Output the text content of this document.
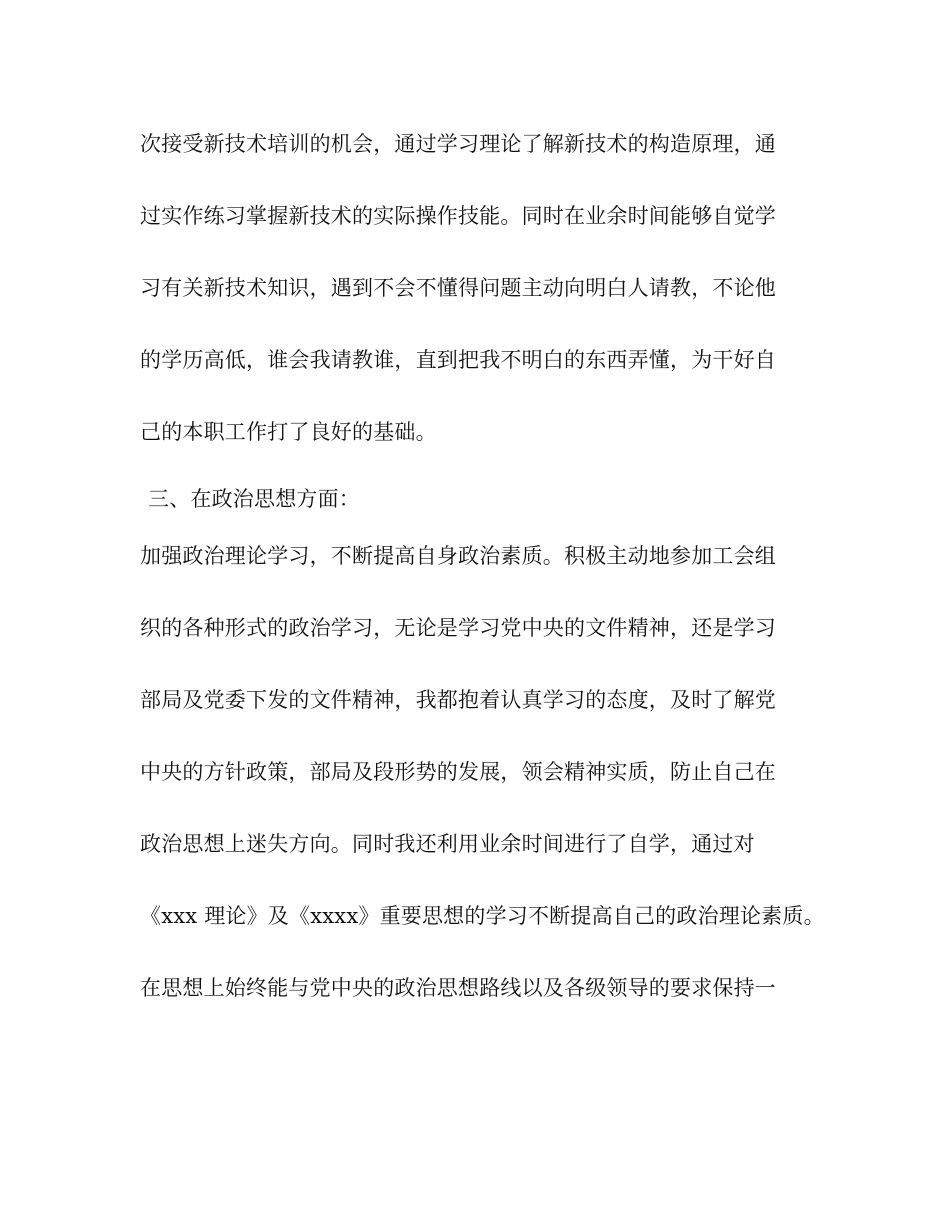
次接受新技术培训的机会，通过学习理论了解新技术的构造原理，通
过实作练习掌握新技术的实际操作技能。同时在业余时间能够自觉学
习有关新技术知识，遇到不会不懂得问题主动向明白人请教，不论他
的学历高低，谁会我请教谁，直到把我不明白的东西弄懂，为干好自
己的本职工作打了良好的基础。
三、在政治思想方面：
加强政治理论学习，不断提高自身政治素质。积极主动地参加工会组
织的各种形式的政治学习，无论是学习党中央的文件精神，还是学习
部局及党委下发的文件精神，我都抱着认真学习的态度，及时了解党
中央的方针政策，部局及段形势的发展，领会精神实质，防止自己在
政治思想上迷失方向。同时我还利用业余时间进行了自学，通过对
《xxx 理论》及《xxxx》重要思想的学习不断提高自己的政治理论素质。
在思想上始终能与党中央的政治思想路线以及各级领导的要求保持一
